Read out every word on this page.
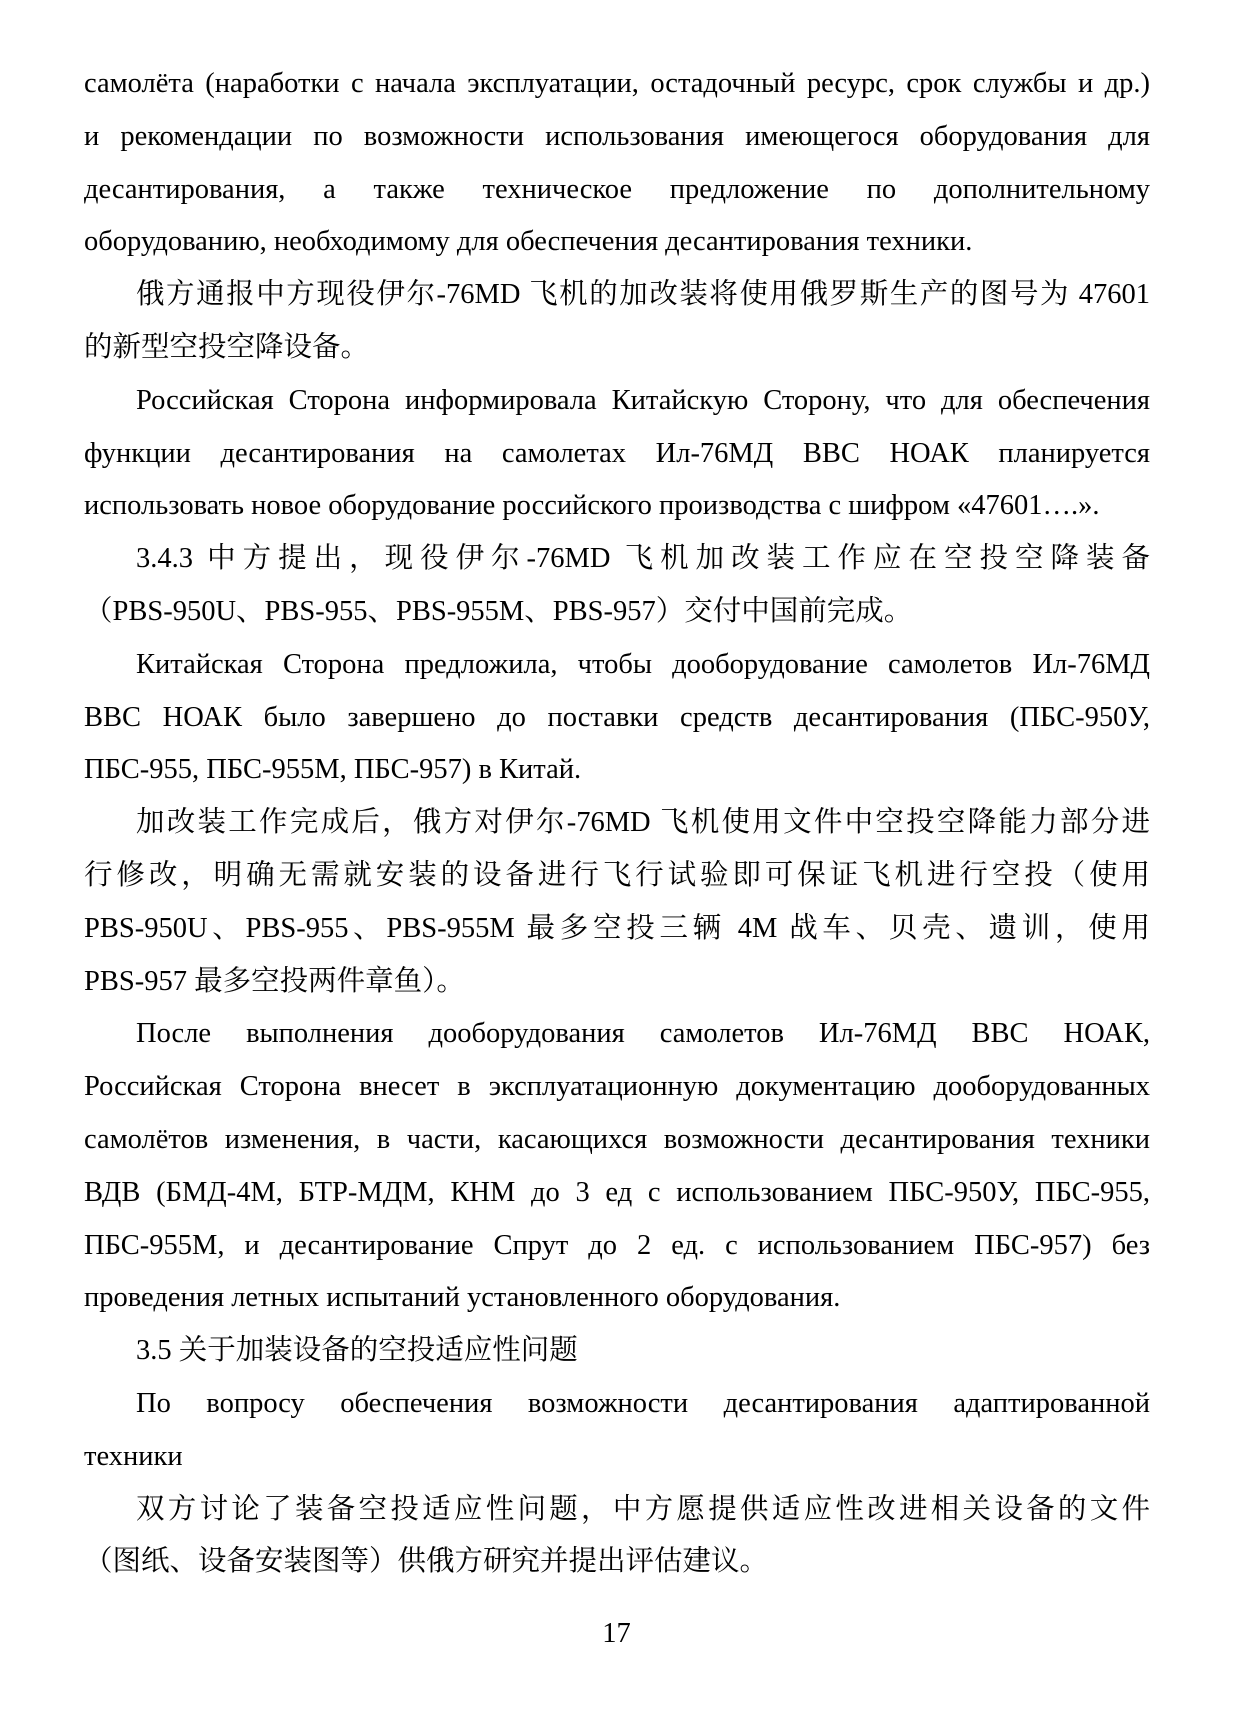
самолёта (наработки с начала эксплуатации, остадочный ресурс, срок службы и др.)
и рекомендации по возможности использования имеющегося оборудования для
десантирования, а также техническое предложение по дополнительному
оборудованию, необходимому для обеспечения десантирования техники.
俄方通报中方现役伊尔-76MD 飞机的加改装将使用俄罗斯生产的图号为 47601
的新型空投空降设备。
Российская Сторона информировала Китайскую Сторону, что для обеспечения
функции десантирования на самолетах Ил-76МД ВВС НОАК планируется
использовать новое оборудование российского производства с шифром «47601….».
3.4.3 中方提出，现役伊尔-76MD 飞机加改装工作应在空投空降装备
（PBS-950U、PBS-955、PBS-955M、PBS-957）交付中国前完成。
Китайская Сторона предложила, чтобы дооборудование самолетов Ил-76МД
ВВС НОАК было завершено до поставки средств десантирования (ПБС-950У,
ПБС-955, ПБС-955М, ПБС-957) в Китай.
加改装工作完成后，俄方对伊尔-76MD 飞机使用文件中空投空降能力部分进
行修改，明确无需就安装的设备进行飞行试验即可保证飞机进行空投（使用
PBS-950U、PBS-955、PBS-955M 最多空投三辆 4M 战车、贝壳、遗训，使用
PBS-957 最多空投两件章鱼）。
После выполнения дооборудования самолетов Ил-76МД ВВС НОАК,
Российская Сторона внесет в эксплуатационную документацию дооборудованных
самолётов изменения, в части, касающихся возможности десантирования техники
ВДВ (БМД-4М, БТР-МДМ, КНМ до 3 ед с использованием ПБС-950У, ПБС-955,
ПБС-955М, и десантирование Спрут до 2 ед. с использованием ПБС-957) без
проведения летных испытаний установленного оборудования.
3.5 关于加装设备的空投适应性问题
По вопросу обеспечения возможности десантирования адаптированной
техники
双方讨论了装备空投适应性问题，中方愿提供适应性改进相关设备的文件
（图纸、设备安装图等）供俄方研究并提出评估建议。
17
